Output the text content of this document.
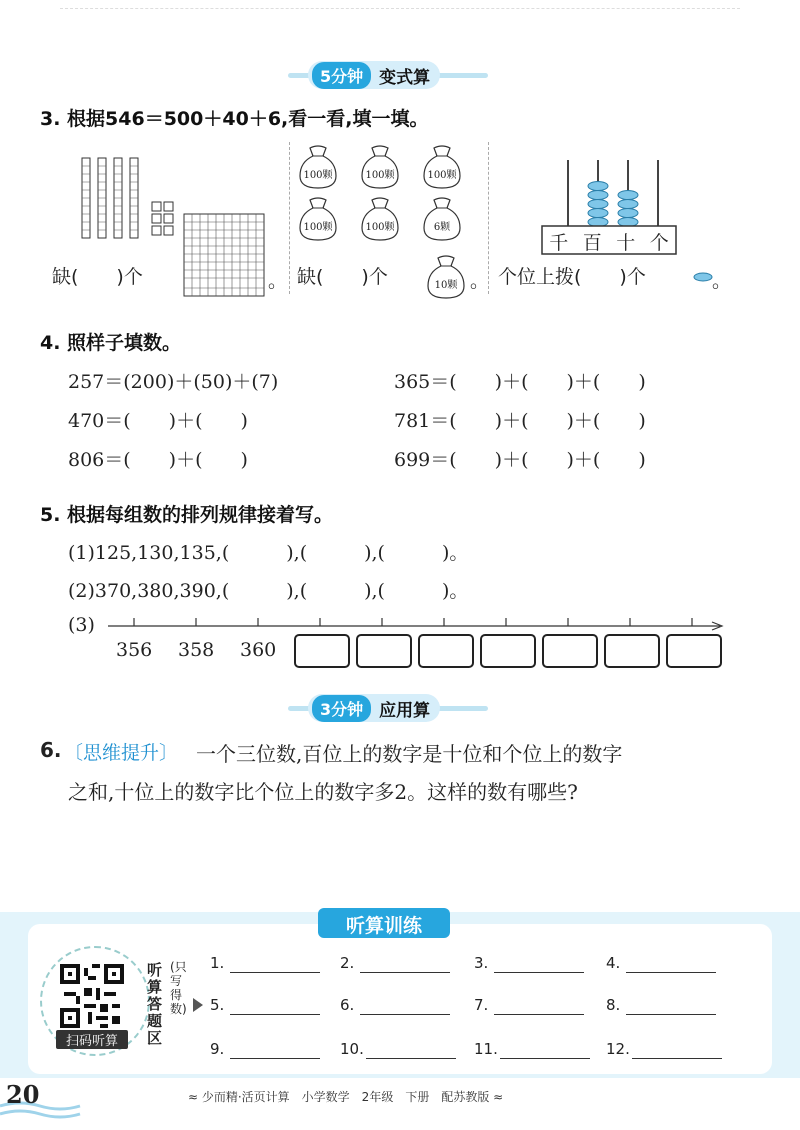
5分钟 变式算
3. 根据546＝500＋40＋6,看一看,填一填。
缺(　　)个	。
100颗	100颗	100颗
100颗	100颗	6颗
缺(　　)个	10颗 。
千 百 十 个
个位上拨(　　)个	。
4. 照样子填数。
257＝(200)＋(50)＋(7)	365＝(　　)＋(　　)＋(　　)
470＝(　　)＋(　　)	781＝(　　)＋(　　)＋(　　)
806＝(　　)＋(　　)	699＝(　　)＋(　　)＋(　　)
5. 根据每组数的排列规律接着写。
(1)125,130,135,(　　　),(　　　),(　　　)。
(2)370,380,390,(　　　),(　　　),(　　　)。
(3)
356 358 360
3分钟 应用算
6. 〔思维提升〕 一个三位数,百位上的数字是十位和个位上的数字
之和,十位上的数字比个位上的数字多2。这样的数有哪些?
听算训练
扫码听算
听算答题区
(只写得数)
1.	2.	3.	4.
5.	6.	7.	8.
9.	10.	11.	12.
20	≈ 少而精·活页计算　小学数学　2年级　下册　配苏教版 ≈
